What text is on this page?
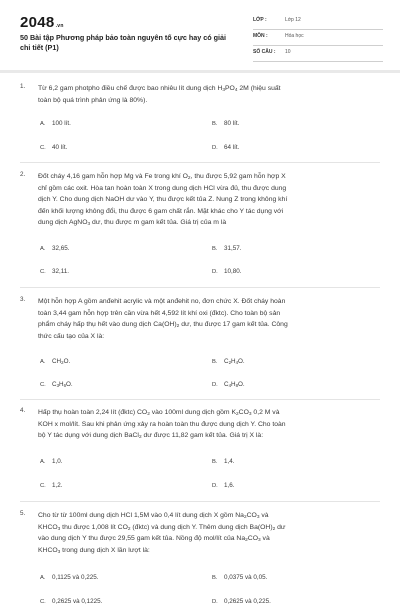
2048.vn
50 Bài tập Phương pháp bảo toàn nguyên tố cực hay có giải chi tiết (P1)
LỚP :	Lớp 12
MÔN :	Hóa học
SỐ CÂU : 10
1. Từ 6,2 gam photpho điều chế được bao nhiêu lít dung dịch $H_3PO_4$ 2M (hiệu suất
toàn bộ quá trình phản ứng là 80%).
2. Đốt cháy 4,16 gam hỗn hợp Mg và Fe trong khí $O_2$, thu được 5,92 gam hỗn hợp X
chỉ gồm các oxit. Hòa tan hoàn toàn X trong dung dịch HCl vừa đủ, thu được dung
dịch Y. Cho dung dịch NaOH dư vào Y, thu được kết tủa Z. Nung Z trong không khí
đến khối lượng không đổi, thu được 6 gam chất rắn. Mặt khác cho Y tác dụng với
dung dịch AgNO$_3$ dư, thu được m gam kết tủa. Giá trị của m là
3. Một hỗn hợp A gồm anđehit acrylic và một anđehit no, đơn chức X. Đốt cháy hoàn
toàn 3,44 gam hỗn hợp trên cần vừa hết 4,592 lít khí oxi (đktc). Cho toàn bộ sản
phẩm cháy hấp thụ hết vào dung dịch $Ca(OH)_2$ dư, thu được 17 gam kết tủa. Công
thức cấu tạo của X là:
4. Hấp thụ hoàn toàn 2,24 lít (đktc) $CO_2$ vào 100ml dung dịch gồm $K_2CO_3$ 0,2 M và
KOH x mol/lít. Sau khi phản ứng xảy ra hoàn toàn thu được dung dịch Y. Cho toàn
bộ Y tác dụng với dung dịch BaCl$_2$ dư được 11,82 gam kết tủa. Giá trị X là:
5. Cho từ từ 100ml dung dịch HCl 1,5M vào 0,4 lít dung dịch X gồm $Na_2CO_3$ và
$KHCO_3$ thu được 1,008 lít $CO_2$ (đktc) và dung dịch Y. Thêm dung dịch $Ba(OH)_2$ dư
vào dung dịch Y thu được 29,55 gam kết tủa. Nồng độ mol/lít của $Na_2CO_3$ và
$KHCO_3$ trong dung dịch X lần lượt là:
A. 100 lít.	B. 80 lít.
C. 40 lít.	D. 64 lít.
A. 32,65.	B. 31,57.
C. 32,11.	D. 10,80.
A. $CH_2O$.	B. $C_2H_4O$.
C. $C_3H_6O$.	D. $C_4H_8O$.
A. 1,0.	B. 1,4.
C. 1,2.	D. 1,6.
A. 0,1125 và 0,225.	B. 0,0375 và 0,05.
C. 0,2625 và 0,1225.	D. 0,2625 và 0,225.
